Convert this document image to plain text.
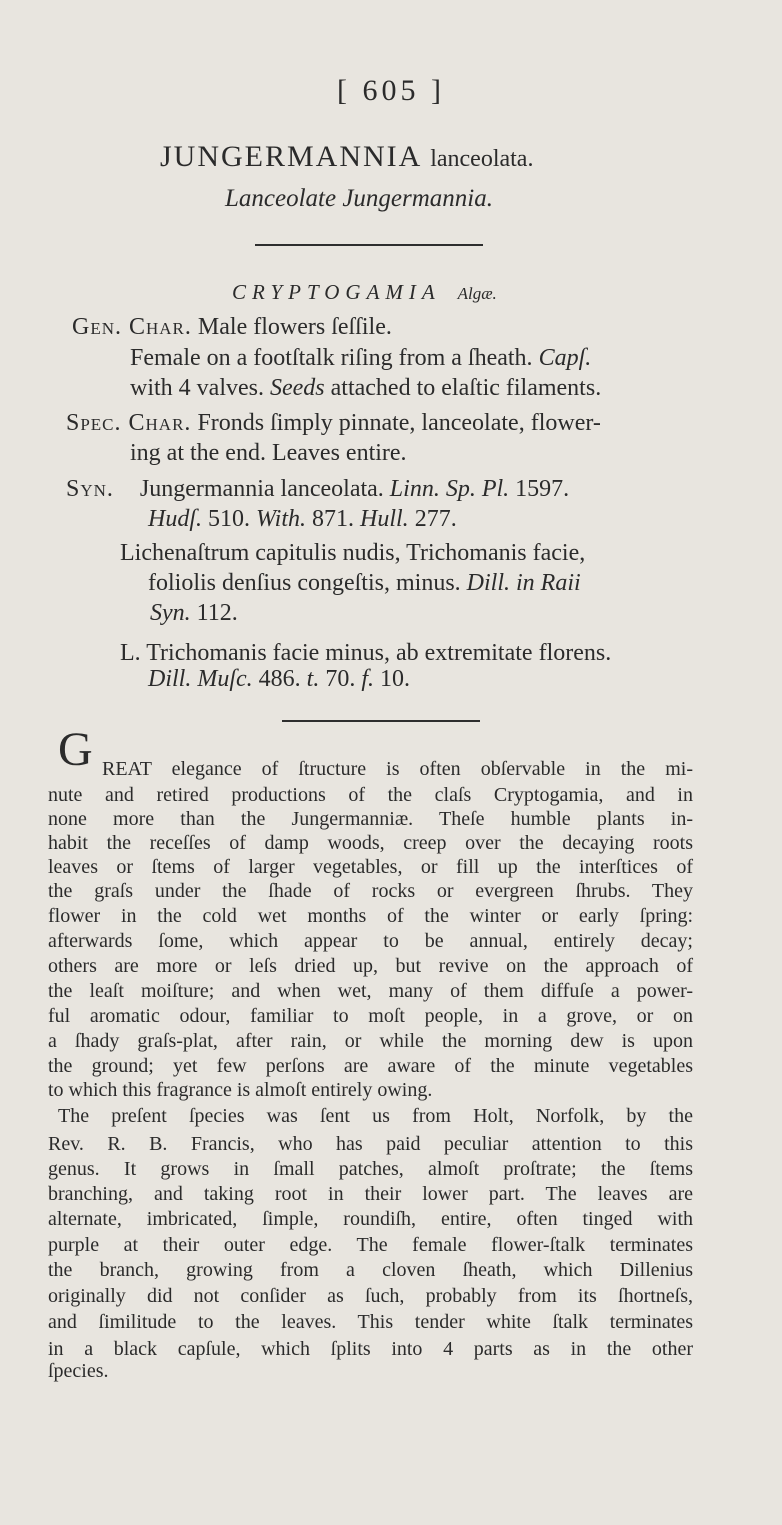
[ 605 ]
JUNGERMANNIA lanceolata.
Lanceolate Jungermannia.
CRYPTOGAMIA Algæ.
Gen. Char. Male flowers ſeſſile.
Female on a footſtalk riſing from a ſheath. Capſ.
with 4 valves. Seeds attached to elaſtic filaments.
Spec. Char. Fronds ſimply pinnate, lanceolate, flower-
ing at the end. Leaves entire.
Syn. Jungermannia lanceolata. Linn. Sp. Pl. 1597.
Hudſ. 510. With. 871. Hull. 277.
Lichenaſtrum capitulis nudis, Trichomanis facie,
foliolis denſius congeſtis, minus. Dill. in Raii
Syn. 112.
L. Trichomanis facie minus, ab extremitate florens.
Dill. Muſc. 486. t. 70. f. 10.
G REAT elegance of ſtructure is often obſervable in the mi-
nute and retired productions of the claſs Cryptogamia, and in
none more than the Jungermanniæ. Theſe humble plants in-
habit the receſſes of damp woods, creep over the decaying roots
leaves or ſtems of larger vegetables, or fill up the interſtices of
the graſs under the ſhade of rocks or evergreen ſhrubs. They
flower in the cold wet months of the winter or early ſpring:
afterwards ſome, which appear to be annual, entirely decay;
others are more or leſs dried up, but revive on the approach of
the leaſt moiſture; and when wet, many of them diffuſe a power-
ful aromatic odour, familiar to moſt people, in a grove, or on
a ſhady graſs-plat, after rain, or while the morning dew is upon
the ground; yet few perſons are aware of the minute vegetables
to which this fragrance is almoſt entirely owing.
The preſent ſpecies was ſent us from Holt, Norfolk, by the
Rev. R. B. Francis, who has paid peculiar attention to this
genus. It grows in ſmall patches, almoſt proſtrate; the ſtems
branching, and taking root in their lower part. The leaves are
alternate, imbricated, ſimple, roundiſh, entire, often tinged with
purple at their outer edge. The female flower-ſtalk terminates
the branch, growing from a cloven ſheath, which Dillenius
originally did not conſider as ſuch, probably from its ſhortneſs,
and ſimilitude to the leaves. This tender white ſtalk terminates
in a black capſule, which ſplits into 4 parts as in the other
ſpecies.
